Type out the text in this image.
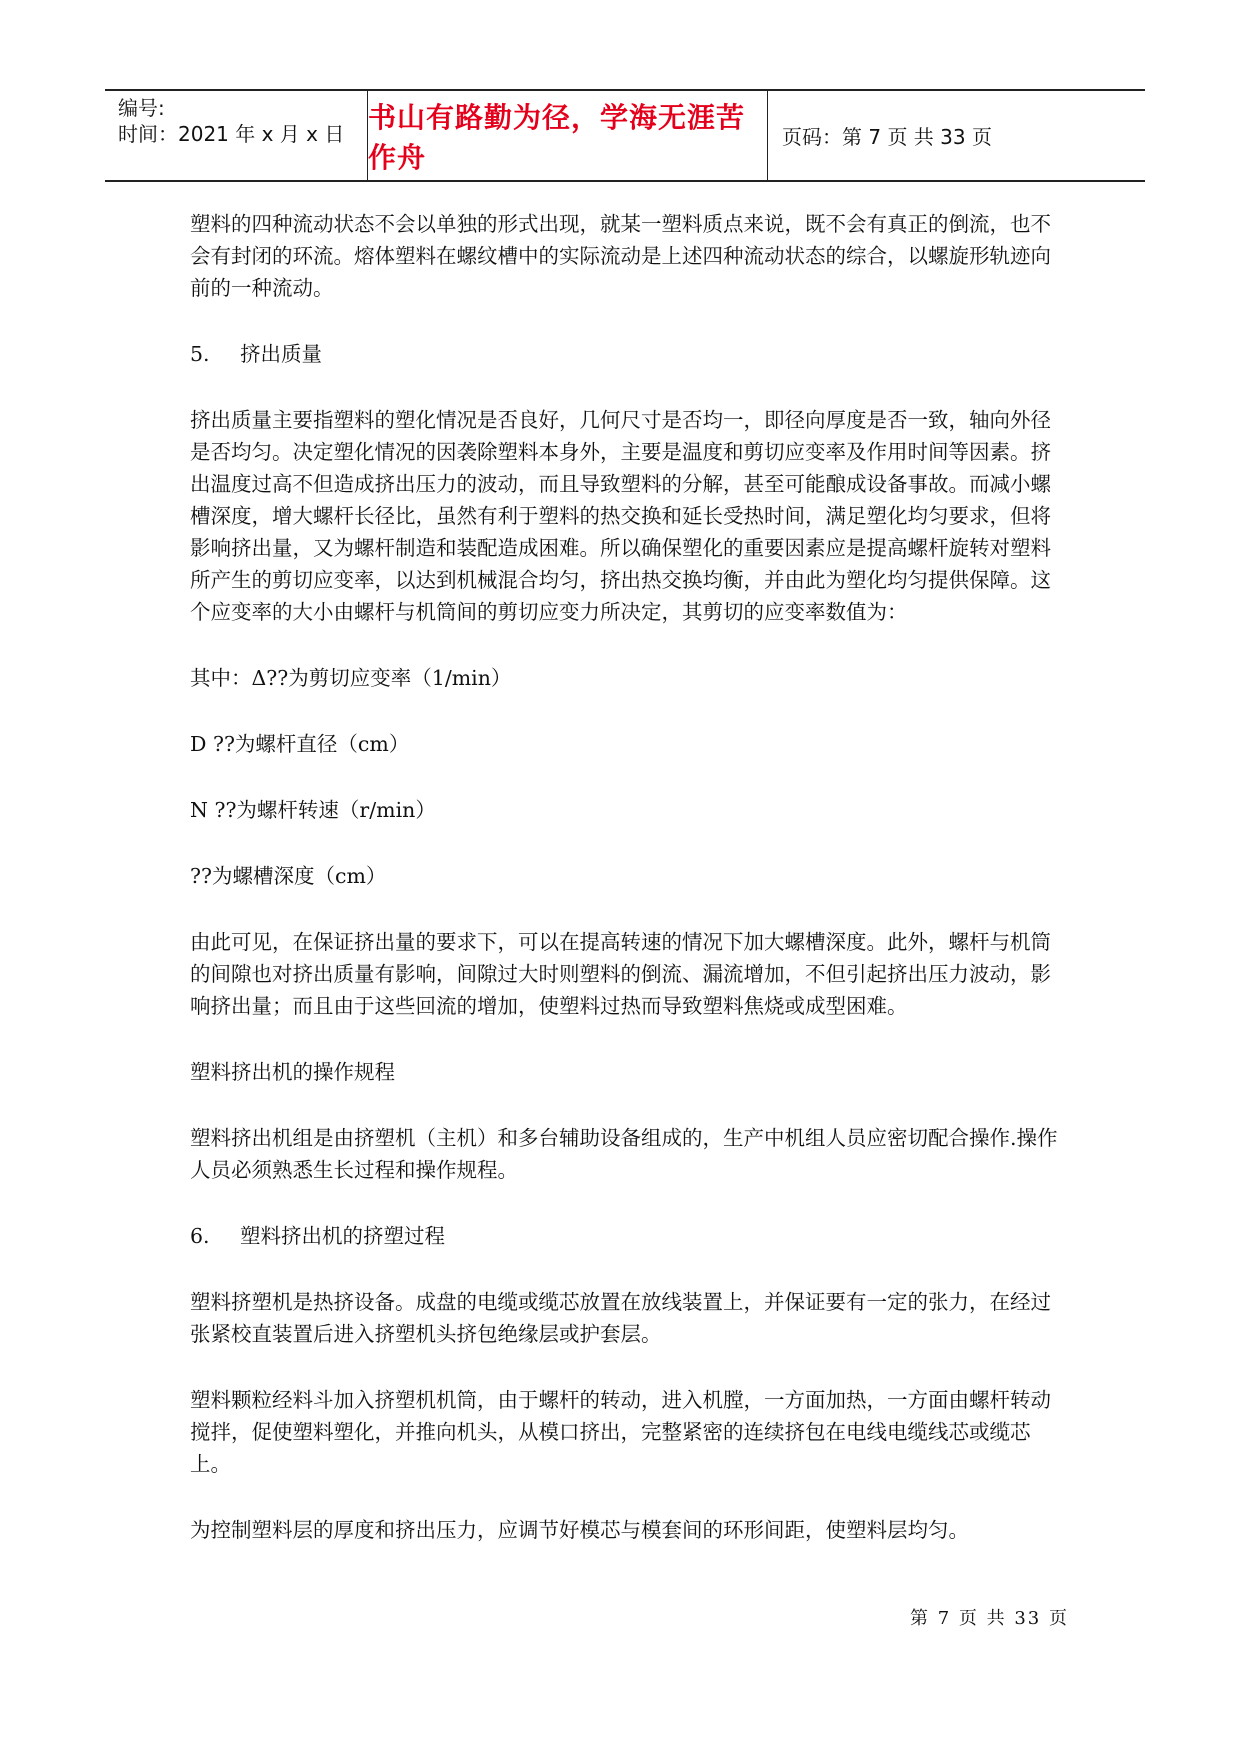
编号:
时间：2021 年 x 月 x 日
书山有路勤为径，学海无涯苦作舟
页码：第 7 页 共 33 页

塑料的四种流动状态不会以单独的形式出现，就某一塑料质点来说，既不会有真正的倒流，也不会有封闭的环流。熔体塑料在螺纹槽中的实际流动是上述四种流动状态的综合，以螺旋形轨迹向前的一种流动。

5. 挤出质量

挤出质量主要指塑料的塑化情况是否良好，几何尺寸是否均一，即径向厚度是否一致，轴向外径是否均匀。决定塑化情况的因袭除塑料本身外，主要是温度和剪切应变率及作用时间等因素。挤出温度过高不但造成挤出压力的波动，而且导致塑料的分解，甚至可能酿成设备事故。而减小螺槽深度，增大螺杆长径比，虽然有利于塑料的热交换和延长受热时间，满足塑化均匀要求，但将影响挤出量，又为螺杆制造和装配造成困难。所以确保塑化的重要因素应是提高螺杆旋转对塑料所产生的剪切应变率，以达到机械混合均匀，挤出热交换均衡，并由此为塑化均匀提供保障。这个应变率的大小由螺杆与机筒间的剪切应变力所决定，其剪切的应变率数值为：

其中：Δ??为剪切应变率（1/min）

D ??为螺杆直径（cm）

N ??为螺杆转速（r/min）

??为螺槽深度（cm）

由此可见，在保证挤出量的要求下，可以在提高转速的情况下加大螺槽深度。此外，螺杆与机筒的间隙也对挤出质量有影响，间隙过大时则塑料的倒流、漏流增加，不但引起挤出压力波动，影响挤出量；而且由于这些回流的增加，使塑料过热而导致塑料焦烧或成型困难。

塑料挤出机的操作规程

塑料挤出机组是由挤塑机（主机）和多台辅助设备组成的，生产中机组人员应密切配合操作.操作人员必须熟悉生长过程和操作规程。

6. 塑料挤出机的挤塑过程

塑料挤塑机是热挤设备。成盘的电缆或缆芯放置在放线装置上，并保证要有一定的张力，在经过张紧校直装置后进入挤塑机头挤包绝缘层或护套层。

塑料颗粒经料斗加入挤塑机机筒，由于螺杆的转动，进入机膛，一方面加热，一方面由螺杆转动搅拌，促使塑料塑化，并推向机头，从模口挤出，完整紧密的连续挤包在电线电缆线芯或缆芯上。

为控制塑料层的厚度和挤出压力，应调节好模芯与模套间的环形间距，使塑料层均匀。

第 7 页 共 33 页
